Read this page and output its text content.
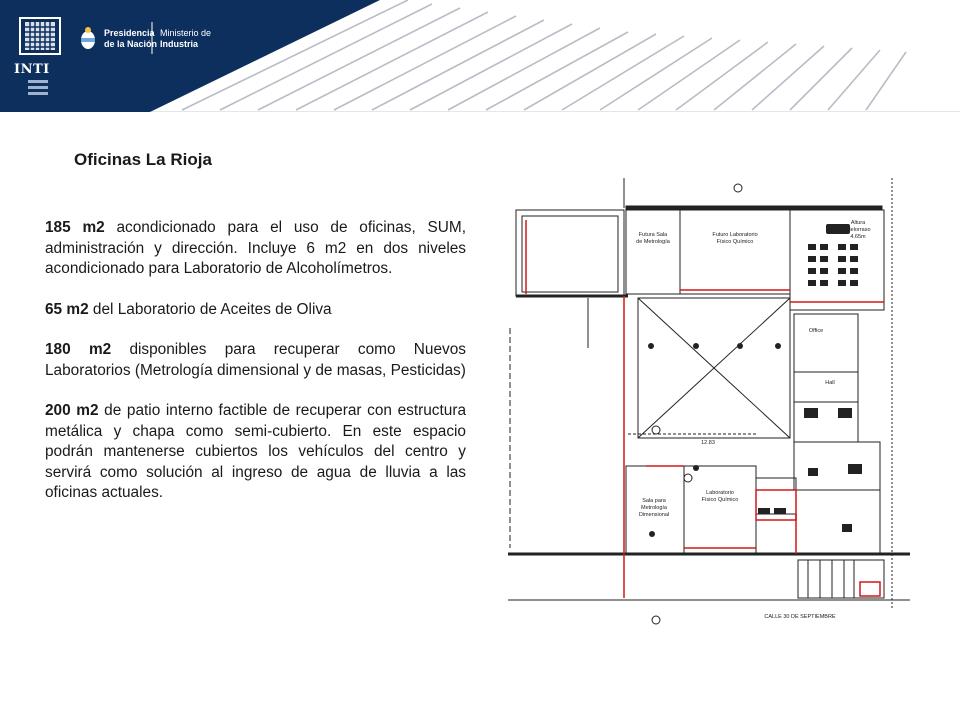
INTI
Presidencia
de la Nación
Ministerio de
Industria
Oficinas La Rioja

185 m2 acondicionado para el uso de oficinas, SUM, administración y dirección. Incluye 6 m2 en dos niveles acondicionado para Laboratorio de Alcoholímetros.

65 m2 del Laboratorio de Aceites de Oliva

180 m2 disponibles para recuperar como Nuevos Laboratorios (Metrología dimensional y de masas, Pesticidas)

200 m2 de patio interno factible de recuperar con estructura metálica y chapa como semi-cubierto. En este espacio podrán mantenerse cubiertos los vehículos del centro y servirá como solución al ingreso de agua de lluvia a las oficinas actuales.

Futura Sala
de Metrología
Futuro Laboratorio
Físico Químico
Altura
Cielorraso
4.65m
Office
Hall
12.83
Sala para
Metrología
Dimensional
Laboratorio
Físico Químico
CALLE 30 DE SEPTIEMBRE
